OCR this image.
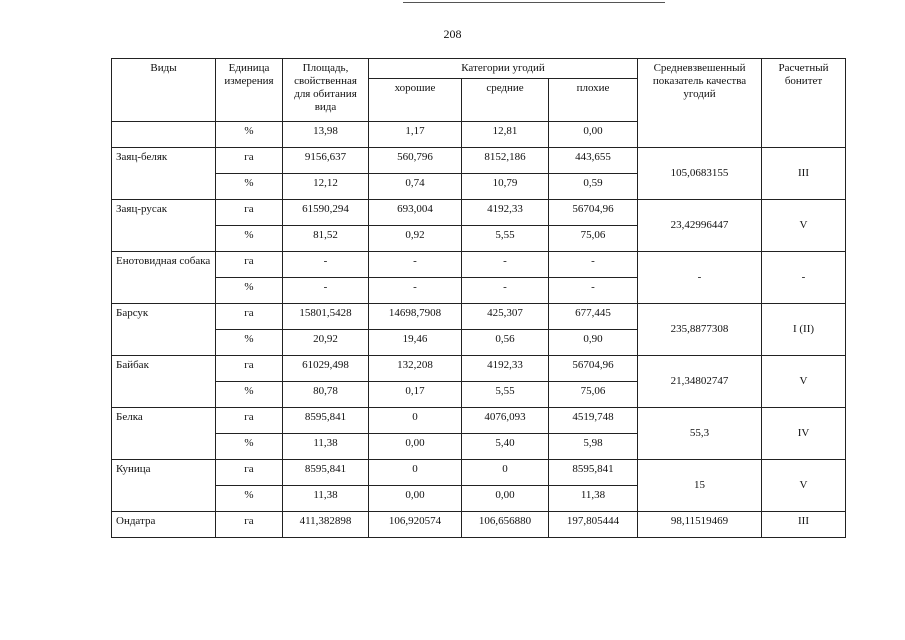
208
Виды	Единица измерения	Площадь, свойственная для обитания вида	Категории угодий			Средневзвешенный показатель качества угодий	Расчетный бонитет
			хорошие	средние	плохие		
	%	13,98	1,17	12,81	0,00		
Заяц-беляк	га	9156,637	560,796	8152,186	443,655	105,0683155	III
	%	12,12	0,74	10,79	0,59		
Заяц-русак	га	61590,294	693,004	4192,33	56704,96	23,42996447	V
	%	81,52	0,92	5,55	75,06		
Енотовидная собака	га	-	-	-	-	-	-
	%	-	-	-	-		
Барсук	га	15801,5428	14698,7908	425,307	677,445	235,8877308	I (II)
	%	20,92	19,46	0,56	0,90		
Байбак	га	61029,498	132,208	4192,33	56704,96	21,34802747	V
	%	80,78	0,17	5,55	75,06		
Белка	га	8595,841	0	4076,093	4519,748	55,3	IV
	%	11,38	0,00	5,40	5,98		
Куница	га	8595,841	0	0	8595,841	15	V
	%	11,38	0,00	0,00	11,38		
Ондатра	га	411,382898	106,920574	106,656880	197,805444	98,11519469	III
